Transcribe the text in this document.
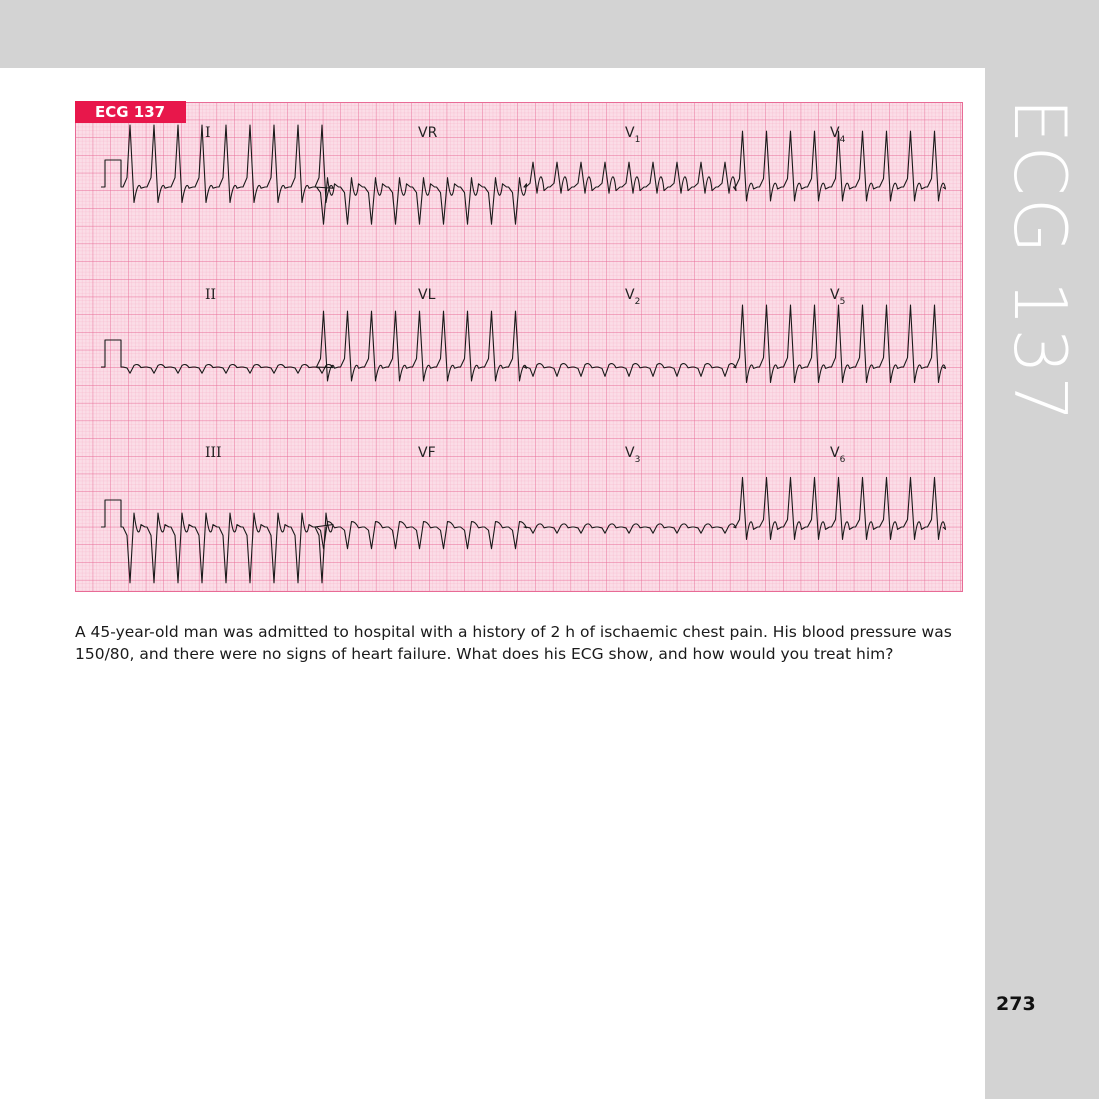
ECG 137
I	VR	$V_1$	$V_4$
II	VL	$V_2$	$V_5$
III	VF	$V_3$	$V_6$
ECG 137
A 45-year-old man was admitted to hospital with a history of 2 h of ischaemic chest pain. His blood pressure was 150/80, and there were no signs of heart failure. What does his ECG show, and how would you treat him?
273
